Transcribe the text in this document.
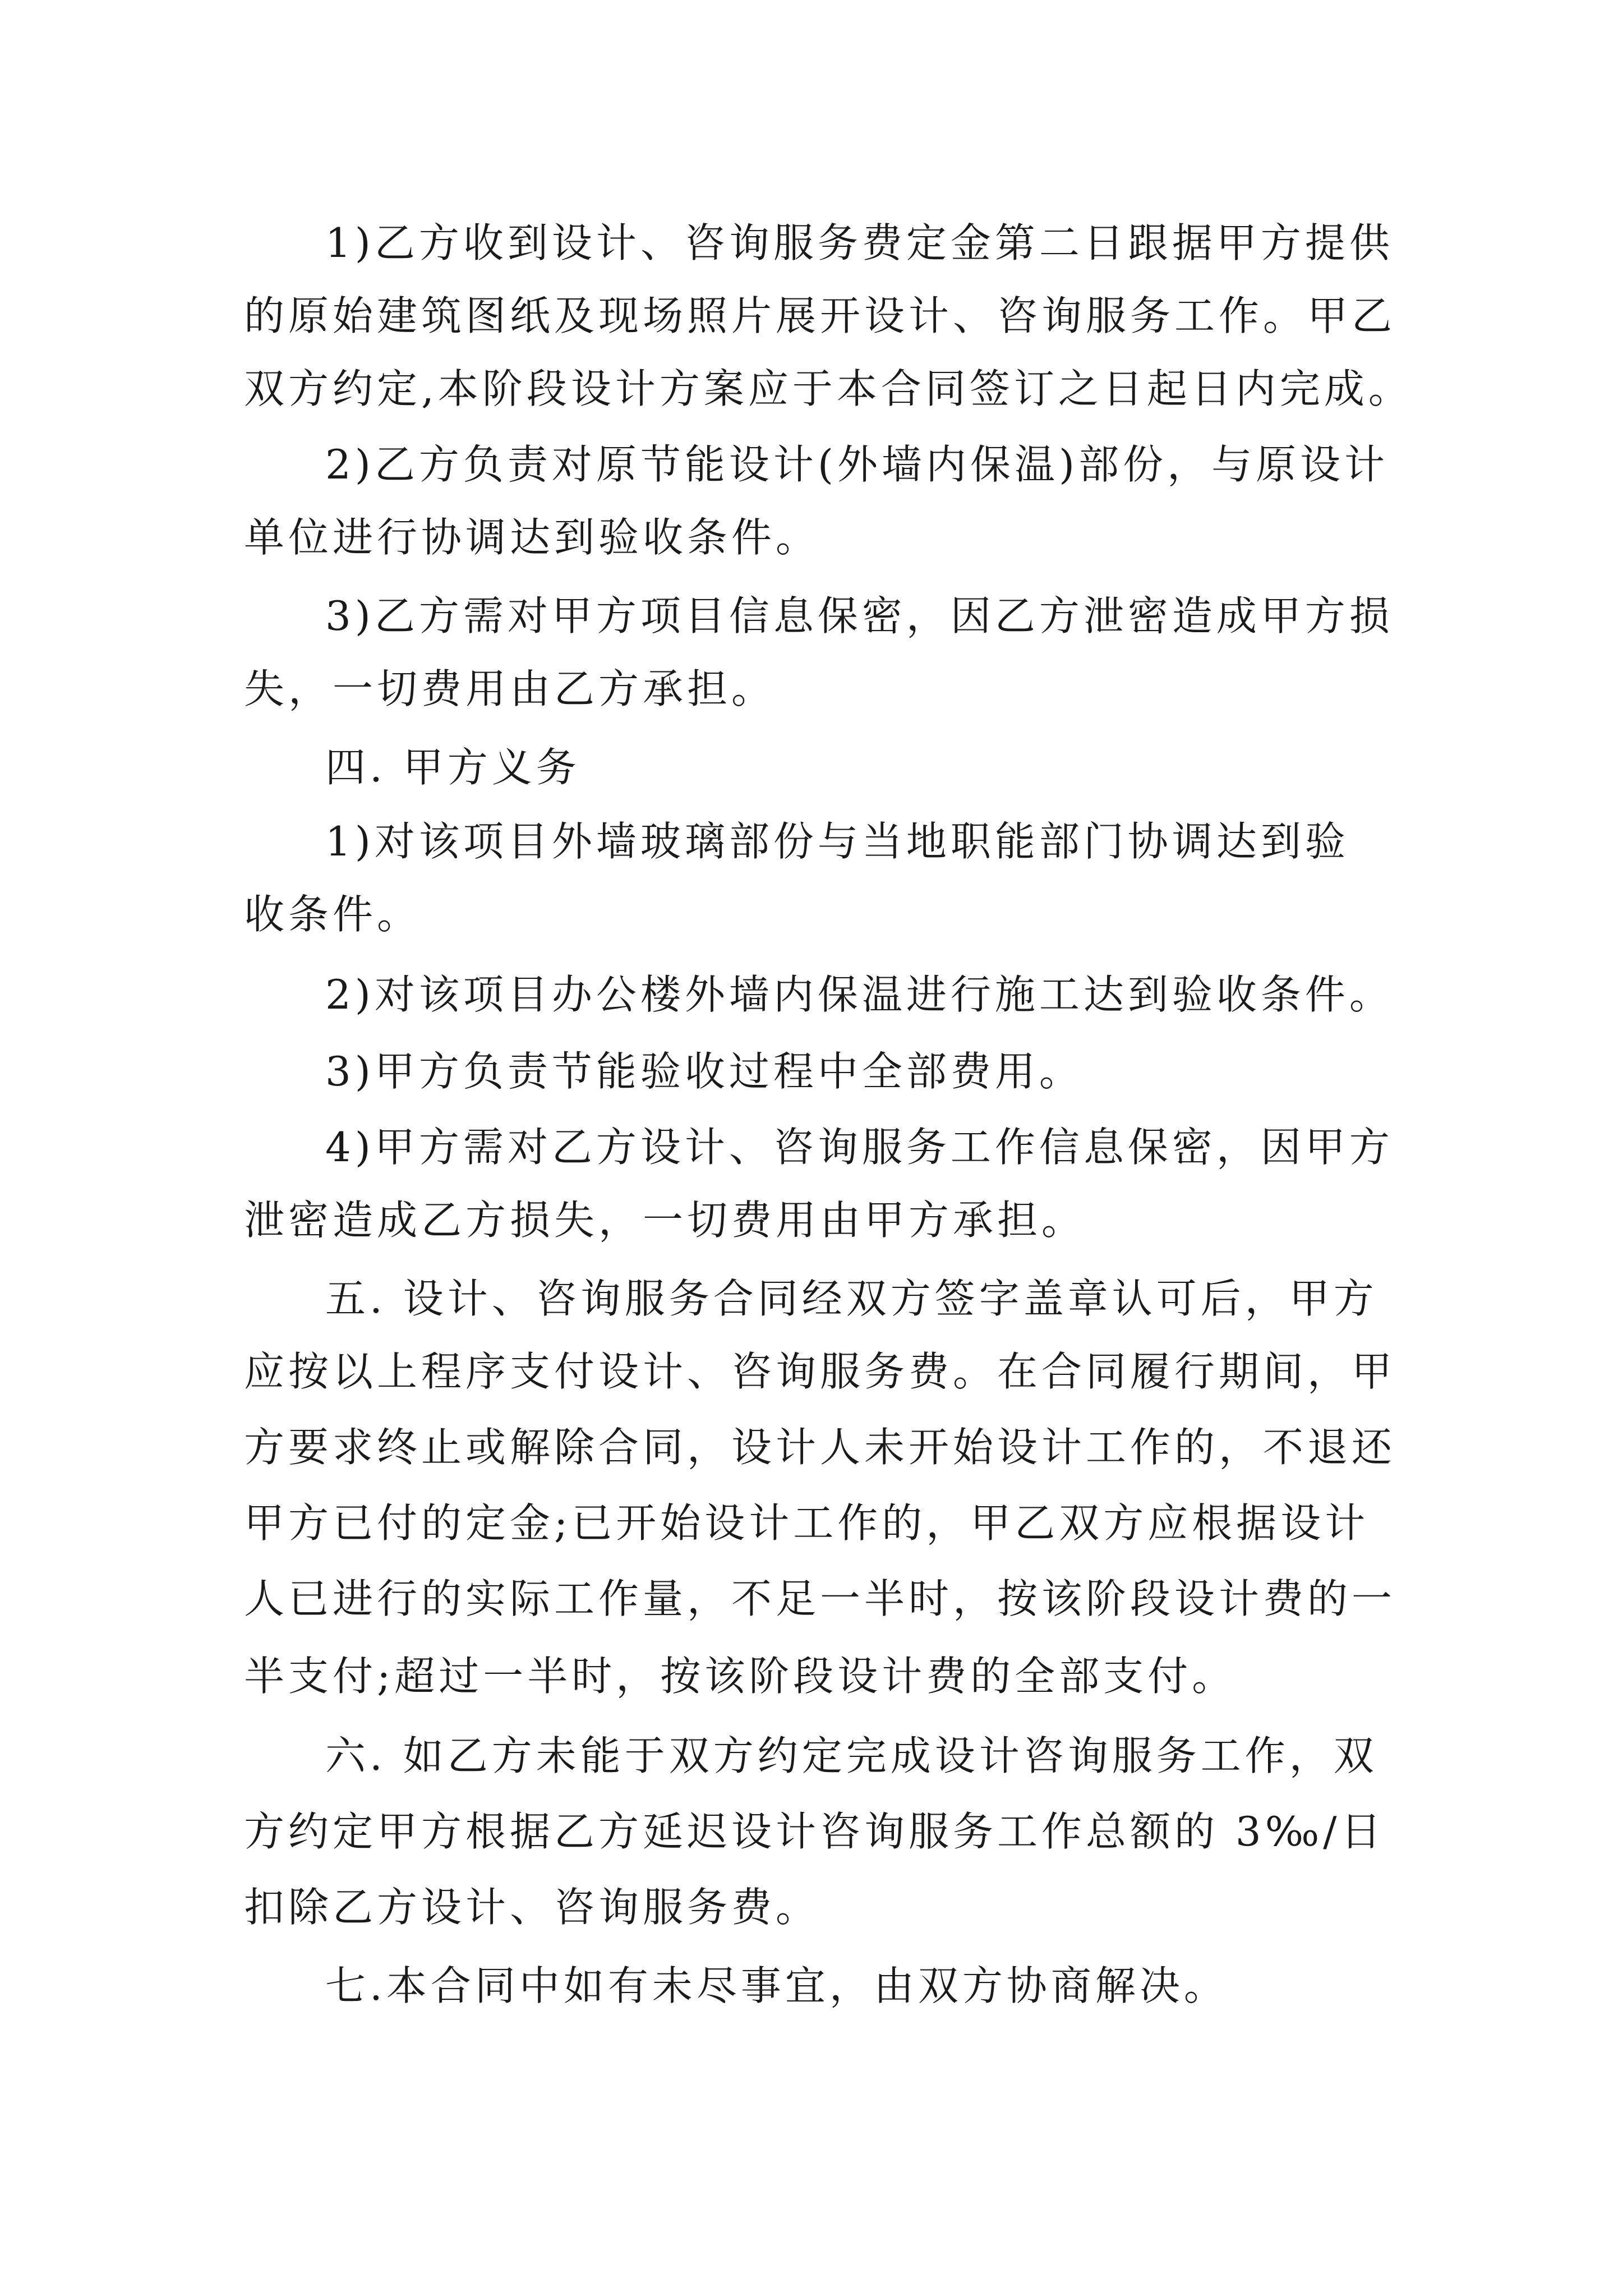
1)乙方收到设计、咨询服务费定金第二日跟据甲方提供
的原始建筑图纸及现场照片展开设计、咨询服务工作。甲乙
双方约定,本阶段设计方案应于本合同签订之日起日内完成。
2)乙方负责对原节能设计(外墙内保温)部份，与原设计
单位进行协调达到验收条件。
3)乙方需对甲方项目信息保密，因乙方泄密造成甲方损
失，一切费用由乙方承担。
四. 甲方义务
1)对该项目外墙玻璃部份与当地职能部门协调达到验
收条件。
2)对该项目办公楼外墙内保温进行施工达到验收条件。
3)甲方负责节能验收过程中全部费用。
4)甲方需对乙方设计、咨询服务工作信息保密，因甲方
泄密造成乙方损失，一切费用由甲方承担。
五. 设计、咨询服务合同经双方签字盖章认可后，甲方
应按以上程序支付设计、咨询服务费。在合同履行期间，甲
方要求终止或解除合同，设计人未开始设计工作的，不退还
甲方已付的定金;已开始设计工作的，甲乙双方应根据设计
人已进行的实际工作量，不足一半时，按该阶段设计费的一
半支付;超过一半时，按该阶段设计费的全部支付。
六. 如乙方未能于双方约定完成设计咨询服务工作，双
方约定甲方根据乙方延迟设计咨询服务工作总额的 3‰/日
扣除乙方设计、咨询服务费。
七.本合同中如有未尽事宜，由双方协商解决。
